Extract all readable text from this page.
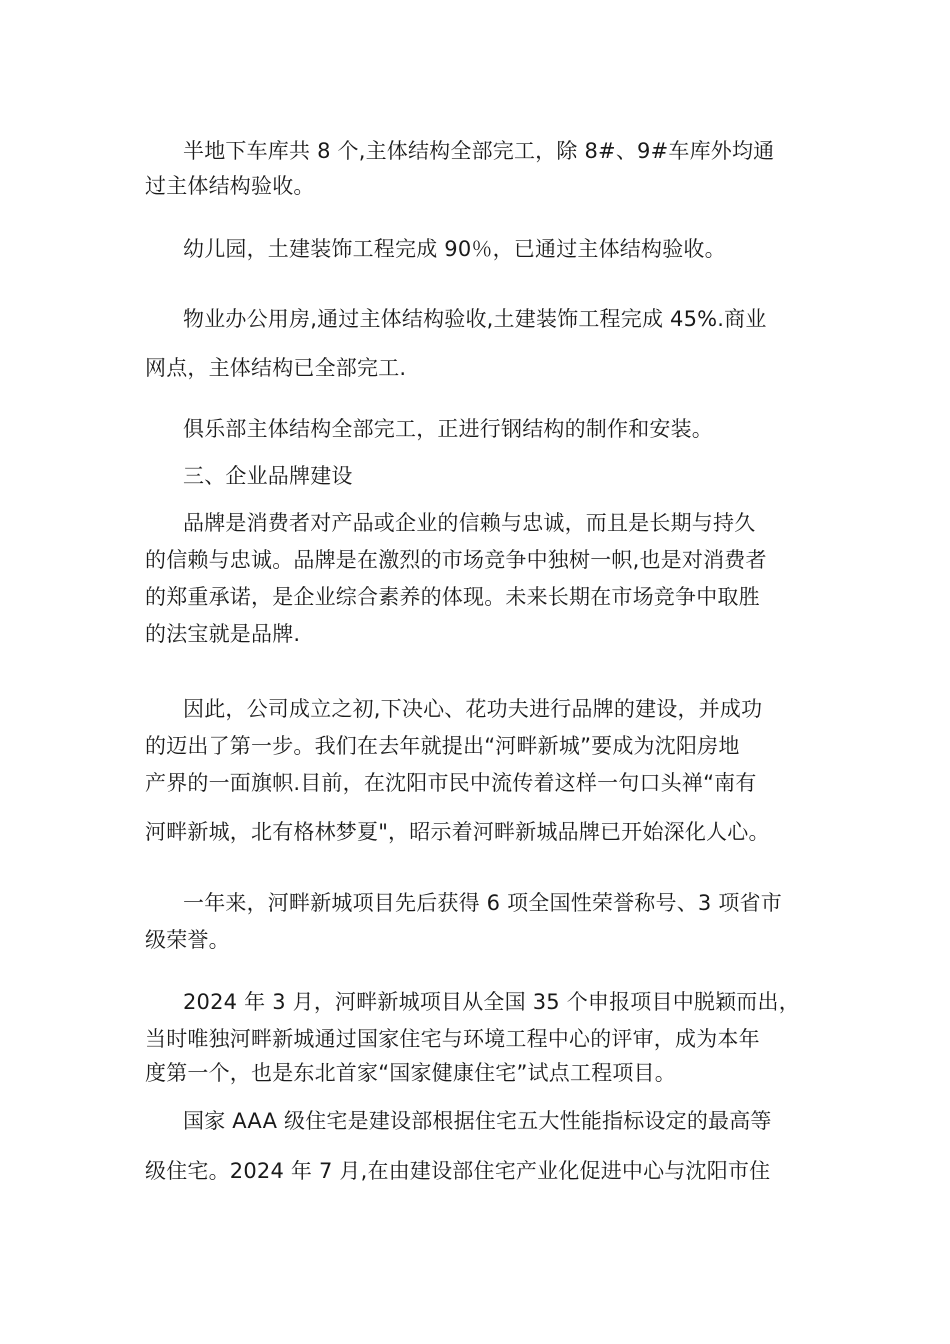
半地下车库共 8 个,主体结构全部完工，除 8#、9#车库外均通
过主体结构验收。
幼儿园，土建装饰工程完成 90％，已通过主体结构验收。
物业办公用房,通过主体结构验收,土建装饰工程完成 45%.商业
网点，主体结构已全部完工.
俱乐部主体结构全部完工，正进行钢结构的制作和安装。
三、企业品牌建设
品牌是消费者对产品或企业的信赖与忠诚，而且是长期与持久
的信赖与忠诚。品牌是在激烈的市场竞争中独树一帜,也是对消费者
的郑重承诺，是企业综合素养的体现。未来长期在市场竞争中取胜
的法宝就是品牌.
因此，公司成立之初,下决心、花功夫进行品牌的建设，并成功
的迈出了第一步。我们在去年就提出“河畔新城”要成为沈阳房地
产界的一面旗帜.目前，在沈阳市民中流传着这样一句口头禅“南有
河畔新城，北有格林梦夏"，昭示着河畔新城品牌已开始深化人心。
一年来，河畔新城项目先后获得 6 项全国性荣誉称号、3 项省市
级荣誉。
2024 年 3 月，河畔新城项目从全国 35 个申报项目中脱颖而出，
当时唯独河畔新城通过国家住宅与环境工程中心的评审，成为本年
度第一个，也是东北首家“国家健康住宅”试点工程项目。
国家 AAA 级住宅是建设部根据住宅五大性能指标设定的最高等
级住宅。2024 年 7 月,在由建设部住宅产业化促进中心与沈阳市住
